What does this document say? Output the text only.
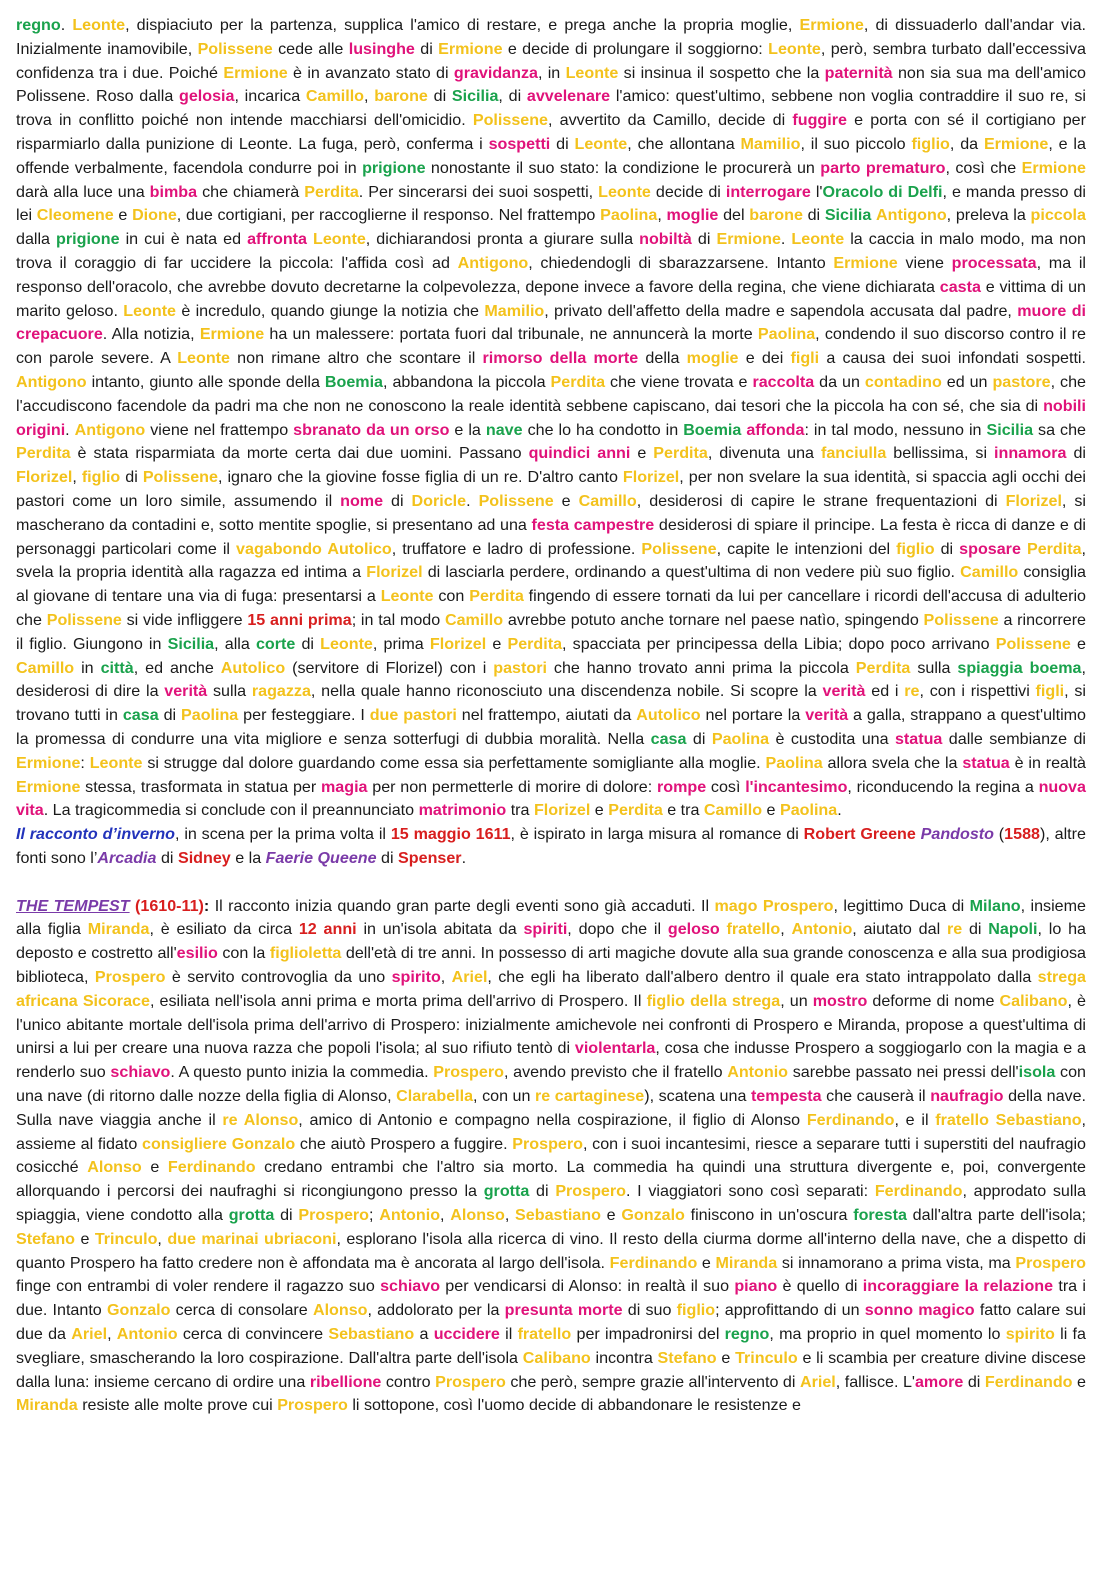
regno. Leonte, dispiaciuto per la partenza, supplica l'amico di restare, e prega anche la propria moglie, Ermione, di dissuaderlo dall'andar via. Inizialmente inamovibile, Polissene cede alle lusinghe di Ermione e decide di prolungare il soggiorno: Leonte, però, sembra turbato dall'eccessiva confidenza tra i due. Poiché Ermione è in avanzato stato di gravidanza, in Leonte si insinua il sospetto che la paternità non sia sua ma dell'amico Polissene. Roso dalla gelosia, incarica Camillo, barone di Sicilia, di avvelenare l'amico: quest'ultimo, sebbene non voglia contraddire il suo re, si trova in conflitto poiché non intende macchiarsi dell'omicidio. Polissene, avvertito da Camillo, decide di fuggire e porta con sé il cortigiano per risparmiarlo dalla punizione di Leonte. La fuga, però, conferma i sospetti di Leonte, che allontana Mamilio, il suo piccolo figlio, da Ermione, e la offende verbalmente, facendola condurre poi in prigione nonostante il suo stato: la condizione le procurerà un parto prematuro, così che Ermione darà alla luce una bimba che chiamerà Perdita. Per sincerarsi dei suoi sospetti, Leonte decide di interrogare l'Oracolo di Delfi, e manda presso di lei Cleomene e Dione, due cortigiani, per raccoglierne il responso. Nel frattempo Paolina, moglie del barone di Sicilia Antigono, preleva la piccola dalla prigione in cui è nata ed affronta Leonte, dichiarandosi pronta a giurare sulla nobiltà di Ermione. Leonte la caccia in malo modo, ma non trova il coraggio di far uccidere la piccola: l'affida così ad Antigono, chiedendogli di sbarazzarsene. Intanto Ermione viene processata, ma il responso dell'oracolo, che avrebbe dovuto decretarne la colpevolezza, depone invece a favore della regina, che viene dichiarata casta e vittima di un marito geloso. Leonte è incredulo, quando giunge la notizia che Mamilio, privato dell'affetto della madre e sapendola accusata dal padre, muore di crepacuore. Alla notizia, Ermione ha un malessere: portata fuori dal tribunale, ne annuncerà la morte Paolina, condendo il suo discorso contro il re con parole severe. A Leonte non rimane altro che scontare il rimorso della morte della moglie e dei figli a causa dei suoi infondati sospetti. Antigono intanto, giunto alle sponde della Boemia, abbandona la piccola Perdita che viene trovata e raccolta da un contadino ed un pastore, che l'accudiscono facendole da padri ma che non ne conoscono la reale identità sebbene capiscano, dai tesori che la piccola ha con sé, che sia di nobili origini. Antigono viene nel frattempo sbranato da un orso e la nave che lo ha condotto in Boemia affonda: in tal modo, nessuno in Sicilia sa che Perdita è stata risparmiata da morte certa dai due uomini. Passano quindici anni e Perdita, divenuta una fanciulla bellissima, si innamora di Florizel, figlio di Polissene, ignaro che la giovine fosse figlia di un re. D'altro canto Florizel, per non svelare la sua identità, si spaccia agli occhi dei pastori come un loro simile, assumendo il nome di Doricle. Polissene e Camillo, desiderosi di capire le strane frequentazioni di Florizel, si mascherano da contadini e, sotto mentite spoglie, si presentano ad una festa campestre desiderosi di spiare il principe. La festa è ricca di danze e di personaggi particolari come il vagabondo Autolico, truffatore e ladro di professione. Polissene, capite le intenzioni del figlio di sposare Perdita, svela la propria identità alla ragazza ed intima a Florizel di lasciarla perdere, ordinando a quest'ultima di non vedere più suo figlio. Camillo consiglia al giovane di tentare una via di fuga: presentarsi a Leonte con Perdita fingendo di essere tornati da lui per cancellare i ricordi dell'accusa di adulterio che Polissene si vide infliggere 15 anni prima; in tal modo Camillo avrebbe potuto anche tornare nel paese natìo, spingendo Polissene a rincorrere il figlio. Giungono in Sicilia, alla corte di Leonte, prima Florizel e Perdita, spacciata per principessa della Libia; dopo poco arrivano Polissene e Camillo in città, ed anche Autolico (servitore di Florizel) con i pastori che hanno trovato anni prima la piccola Perdita sulla spiaggia boema, desiderosi di dire la verità sulla ragazza, nella quale hanno riconosciuto una discendenza nobile. Si scopre la verità ed i re, con i rispettivi figli, si trovano tutti in casa di Paolina per festeggiare. I due pastori nel frattempo, aiutati da Autolico nel portare la verità a galla, strappano a quest'ultimo la promessa di condurre una vita migliore e senza sotterfugi di dubbia moralità. Nella casa di Paolina è custodita una statua dalle sembianze di Ermione: Leonte si strugge dal dolore guardando come essa sia perfettamente somigliante alla moglie. Paolina allora svela che la statua è in realtà Ermione stessa, trasformata in statua per magia per non permetterle di morire di dolore: rompe così l'incantesimo, riconducendo la regina a nuova vita. La tragicommedia si conclude con il preannunciato matrimonio tra Florizel e Perdita e tra Camillo e Paolina.

Il racconto d’inverno, in scena per la prima volta il 15 maggio 1611, è ispirato in larga misura al romance di Robert Greene Pandosto (1588), altre fonti sono l’Arcadia di Sidney e la Faerie Queene di Spenser.

THE TEMPEST (1610-11): Il racconto inizia quando gran parte degli eventi sono già accaduti. Il mago Prospero, legittimo Duca di Milano, insieme alla figlia Miranda, è esiliato da circa 12 anni in un'isola abitata da spiriti, dopo che il geloso fratello, Antonio, aiutato dal re di Napoli, lo ha deposto e costretto all'esilio con la figlioletta dell'età di tre anni. In possesso di arti magiche dovute alla sua grande conoscenza e alla sua prodigiosa biblioteca, Prospero è servito controvoglia da uno spirito, Ariel, che egli ha liberato dall'albero dentro il quale era stato intrappolato dalla strega africana Sicorace, esiliata nell'isola anni prima e morta prima dell'arrivo di Prospero. Il figlio della strega, un mostro deforme di nome Calibano, è l'unico abitante mortale dell'isola prima dell'arrivo di Prospero: inizialmente amichevole nei confronti di Prospero e Miranda, propose a quest'ultima di unirsi a lui per creare una nuova razza che popoli l'isola; al suo rifiuto tentò di violentarla, cosa che indusse Prospero a soggiogarlo con la magia e a renderlo suo schiavo. A questo punto inizia la commedia. Prospero, avendo previsto che il fratello Antonio sarebbe passato nei pressi dell'isola con una nave (di ritorno dalle nozze della figlia di Alonso, Clarabella, con un re cartaginese), scatena una tempesta che causerà il naufragio della nave. Sulla nave viaggia anche il re Alonso, amico di Antonio e compagno nella cospirazione, il figlio di Alonso Ferdinando, e il fratello Sebastiano, assieme al fidato consigliere Gonzalo che aiutò Prospero a fuggire. Prospero, con i suoi incantesimi, riesce a separare tutti i superstiti del naufragio cosicché Alonso e Ferdinando credano entrambi che l'altro sia morto. La commedia ha quindi una struttura divergente e, poi, convergente allorquando i percorsi dei naufraghi si ricongiungono presso la grotta di Prospero. I viaggiatori sono così separati: Ferdinando, approdato sulla spiaggia, viene condotto alla grotta di Prospero; Antonio, Alonso, Sebastiano e Gonzalo finiscono in un'oscura foresta dall'altra parte dell'isola; Stefano e Trinculo, due marinai ubriaconi, esplorano l'isola alla ricerca di vino. Il resto della ciurma dorme all'interno della nave, che a dispetto di quanto Prospero ha fatto credere non è affondata ma è ancorata al largo dell'isola. Ferdinando e Miranda si innamorano a prima vista, ma Prospero finge con entrambi di voler rendere il ragazzo suo schiavo per vendicarsi di Alonso: in realtà il suo piano è quello di incoraggiare la relazione tra i due. Intanto Gonzalo cerca di consolare Alonso, addolorato per la presunta morte di suo figlio; approfittando di un sonno magico fatto calare sui due da Ariel, Antonio cerca di convincere Sebastiano a uccidere il fratello per impadronirsi del regno, ma proprio in quel momento lo spirito li fa svegliare, smascherando la loro cospirazione. Dall'altra parte dell'isola Calibano incontra Stefano e Trinculo e li scambia per creature divine discese dalla luna: insieme cercano di ordire una ribellione contro Prospero che però, sempre grazie all'intervento di Ariel, fallisce. L'amore di Ferdinando e Miranda resiste alle molte prove cui Prospero li sottopone, così l'uomo decide di abbandonare le resistenze e
